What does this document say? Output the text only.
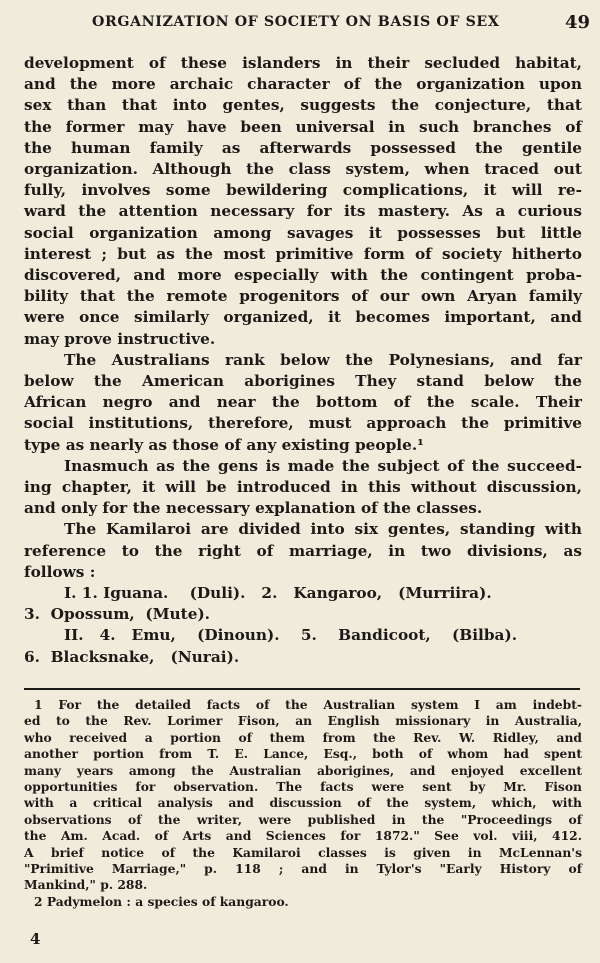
ORGANIZATION OF SOCIETY ON BASIS OF SEX	49
development of these islanders in their secluded habitat,
and the more archaic character of the organization upon
sex than that into gentes, suggests the conjecture, that
the former may have been universal in such branches of
the human family as afterwards possessed the gentile
organization. Although the class system, when traced out
fully, involves some bewildering complications, it will re-
ward the attention necessary for its mastery. As a curious
social organization among savages it possesses but little
interest ; but as the most primitive form of society hitherto
discovered, and more especially with the contingent proba-
bility that the remote progenitors of our own Aryan family
were once similarly organized, it becomes important, and
may prove instructive.
The Australians rank below the Polynesians, and far
below the American aborigines They stand below the
African negro and near the bottom of the scale. Their
social institutions, therefore, must approach the primitive
type as nearly as those of any existing people.¹
Inasmuch as the gens is made the subject of the succeed-
ing chapter, it will be introduced in this without discussion,
and only for the necessary explanation of the classes.
The Kamilaroi are divided into six gentes, standing with
reference to the right of marriage, in two divisions, as
follows :
I. 1. Iguana.    (Duli).   2.   Kangaroo,   (Murriira).
3.  Opossum,  (Mute).
II.   4.   Emu,    (Dinoun).    5.    Bandicoot,    (Bilba).
6.  Blacksnake,   (Nurai).
1 For the detailed facts of the Australian system I am indebt-
ed to the Rev. Lorimer Fison, an English missionary in Australia,
who received a portion of them from the Rev. W. Ridley, and
another portion from T. E. Lance, Esq., both of whom had spent
many years among the Australian aborigines, and enjoyed excellent
opportunities for observation. The facts were sent by Mr. Fison
with a critical analysis and discussion of the system, which, with
observations of the writer, were published in the "Proceedings of
the Am. Acad. of Arts and Sciences for 1872." See vol. viii, 412.
A brief notice of the Kamilaroi classes is given in McLennan's
"Primitive Marriage," p. 118 ; and in Tylor's "Early History of
Mankind," p. 288.
2 Padymelon : a species of kangaroo.
4
